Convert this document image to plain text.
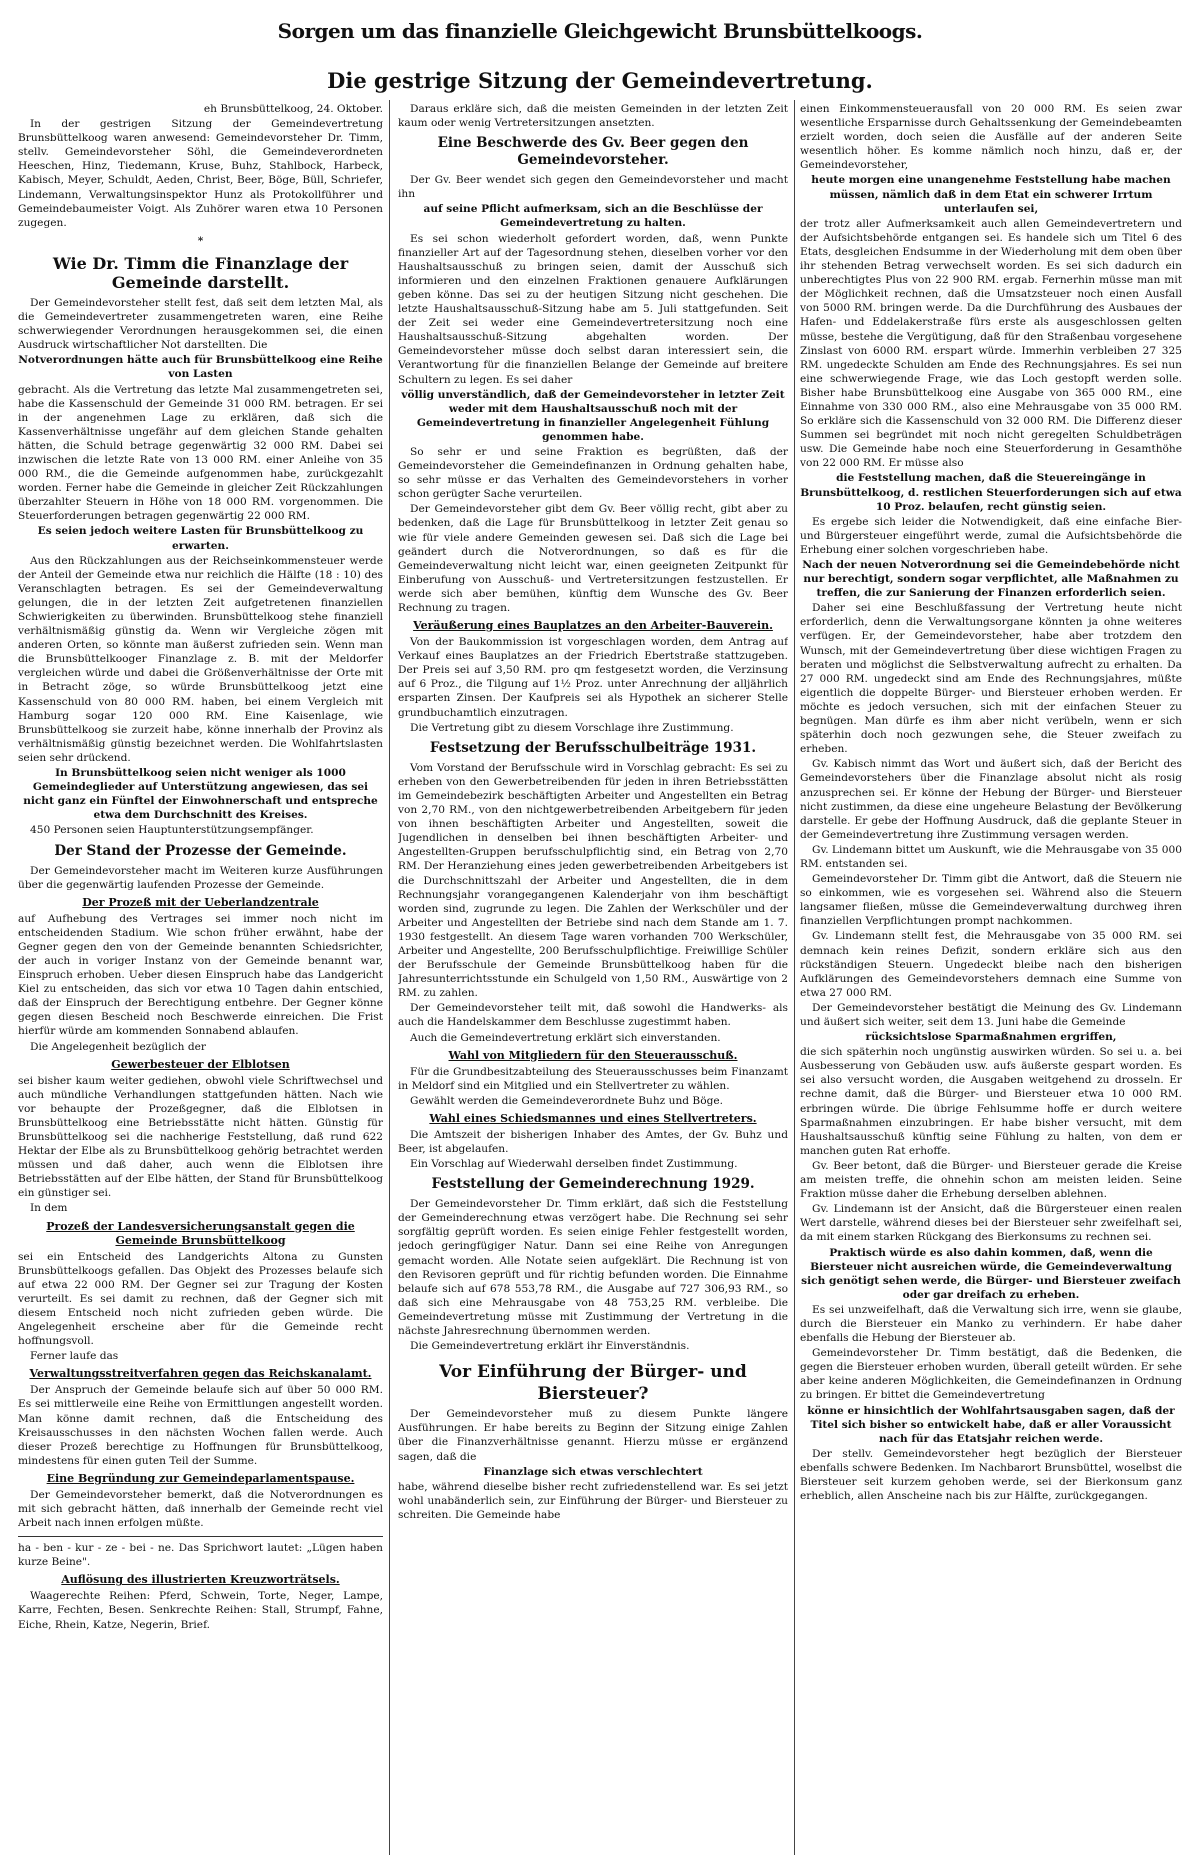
Sorgen um das finanzielle Gleichgewicht Brunsbüttelkoogs.
Die gestrige Sitzung der Gemeindevertretung.

eh Brunsbüttelkoog, 24. Oktober.

In der gestrigen Sitzung der Gemeindevertretung Brunsbüttelkoog waren anwesend: Gemeindevorsteher Dr. Timm, stellv. Gemeindevorsteher Söhl, die Gemeindeverordneten Heeschen, Hinz, Tiedemann, Kruse, Buhz, Stahlbock, Harbeck, Kabisch, Meyer, Schuldt, Aeden, Christ, Beer, Böge, Büll, Schriefer, Lindemann, Verwaltungsinspektor Hunz als Protokollführer und Gemeindebaumeister Voigt. Als Zuhörer waren etwa 10 Personen zugegen.

*
Wie Dr. Timm die Finanzlage der Gemeinde darstellt.

Der Gemeindevorsteher stellt fest, daß seit dem letzten Mal, als die Gemeindevertreter zusammengetreten waren, eine Reihe schwerwiegender Verordnungen herausgekommen sei, die einen Ausdruck wirtschaftlicher Not darstellten. Die

Notverordnungen hätte auch für Brunsbüttelkoog eine Reihe von Lasten

gebracht. Als die Vertretung das letzte Mal zusammengetreten sei, habe die Kassenschuld der Gemeinde 31 000 RM. betragen. Er sei in der angenehmen Lage zu erklären, daß sich die Kassenverhältnisse ungefähr auf dem gleichen Stande gehalten hätten, die Schuld betrage gegenwärtig 32 000 RM. Dabei sei inzwischen die letzte Rate von 13 000 RM. einer Anleihe von 35 000 RM., die die Gemeinde aufgenommen habe, zurückgezahlt worden. Ferner habe die Gemeinde in gleicher Zeit Rückzahlungen überzahlter Steuern in Höhe von 18 000 RM. vorgenommen. Die Steuerforderungen betragen gegenwärtig 22 000 RM.

Es seien jedoch weitere Lasten für Brunsbüttelkoog zu erwarten.

Aus den Rückzahlungen aus der Reichseinkommensteuer werde der Anteil der Gemeinde etwa nur reichlich die Hälfte (18 : 10) des Veranschlagten betragen. Es sei der Gemeindeverwaltung gelungen, die in der letzten Zeit aufgetretenen finanziellen Schwierigkeiten zu überwinden. Brunsbüttelkoog stehe finanziell verhältnismäßig günstig da. Wenn wir Vergleiche zögen mit anderen Orten, so könnte man äußerst zufrieden sein. Wenn man die Brunsbüttelkooger Finanzlage z. B. mit der Meldorfer vergleichen würde und dabei die Größenverhältnisse der Orte mit in Betracht zöge, so würde Brunsbüttelkoog jetzt eine Kassenschuld von 80 000 RM. haben, bei einem Vergleich mit Hamburg sogar 120 000 RM. Eine Kaisenlage, wie Brunsbüttelkoog sie zurzeit habe, könne innerhalb der Provinz als verhältnismäßig günstig bezeichnet werden. Die Wohlfahrtslasten seien sehr drückend.

In Brunsbüttelkoog seien nicht weniger als 1000 Gemeindeglieder auf Unterstützung angewiesen, das sei nicht ganz ein Fünftel der Einwohnerschaft und entspreche etwa dem Durchschnitt des Kreises.

450 Personen seien Hauptunterstützungsempfänger.

Der Stand der Prozesse der Gemeinde.

Der Gemeindevorsteher macht im Weiteren kurze Ausführungen über die gegenwärtig laufenden Prozesse der Gemeinde.

Der Prozeß mit der Ueberlandzentrale

auf Aufhebung des Vertrages sei immer noch nicht im entscheidenden Stadium. Wie schon früher erwähnt, habe der Gegner gegen den von der Gemeinde benannten Schiedsrichter, der auch in voriger Instanz von der Gemeinde benannt war, Einspruch erhoben. Ueber diesen Einspruch habe das Landgericht Kiel zu entscheiden, das sich vor etwa 10 Tagen dahin entschied, daß der Einspruch der Berechtigung entbehre. Der Gegner könne gegen diesen Bescheid noch Beschwerde einreichen. Die Frist hierfür würde am kommenden Sonnabend ablaufen.

Die Angelegenheit bezüglich der

Gewerbesteuer der Elblotsen

sei bisher kaum weiter gediehen, obwohl viele Schriftwechsel und auch mündliche Verhandlungen stattgefunden hätten. Nach wie vor behaupte der Prozeßgegner, daß die Elblotsen in Brunsbüttelkoog eine Betriebsstätte nicht hätten. Günstig für Brunsbüttelkoog sei die nachherige Feststellung, daß rund 622 Hektar der Elbe als zu Brunsbüttelkoog gehörig betrachtet werden müssen und daß daher, auch wenn die Elblotsen ihre Betriebsstätten auf der Elbe hätten, der Stand für Brunsbüttelkoog ein günstiger sei.

In dem

Prozeß der Landesversicherungsanstalt gegen die Gemeinde Brunsbüttelkoog

sei ein Entscheid des Landgerichts Altona zu Gunsten Brunsbüttelkoogs gefallen. Das Objekt des Prozesses belaufe sich auf etwa 22 000 RM. Der Gegner sei zur Tragung der Kosten verurteilt. Es sei damit zu rechnen, daß der Gegner sich mit diesem Entscheid noch nicht zufrieden geben würde. Die Angelegenheit erscheine aber für die Gemeinde recht hoffnungsvoll.

Ferner laufe das

Verwaltungsstreitverfahren gegen das Reichskanalamt.

Der Anspruch der Gemeinde belaufe sich auf über 50 000 RM. Es sei mittlerweile eine Reihe von Ermittlungen angestellt worden. Man könne damit rechnen, daß die Entscheidung des Kreisausschusses in den nächsten Wochen fallen werde. Auch dieser Prozeß berechtige zu Hoffnungen für Brunsbüttelkoog, mindestens für einen guten Teil der Summe.

Eine Begründung zur Gemeindeparlamentspause.

Der Gemeindevorsteher bemerkt, daß die Notverordnungen es mit sich gebracht hätten, daß innerhalb der Gemeinde recht viel Arbeit nach innen erfolgen müßte.

ha - ben - kur - ze - bei - ne. Das Sprichwort lautet: „Lügen haben kurze Beine".

Auflösung des illustrierten Kreuzworträtsels.

Waagerechte Reihen: Pferd, Schwein, Torte, Neger, Lampe, Karre, Fechten, Besen. Senkrechte Reihen: Stall, Strumpf, Fahne, Eiche, Rhein, Katze, Negerin, Brief.

Daraus erkläre sich, daß die meisten Gemeinden in der letzten Zeit kaum oder wenig Vertretersitzungen ansetzten.

Eine Beschwerde des Gv. Beer gegen den Gemeindevorsteher.

Der Gv. Beer wendet sich gegen den Gemeindevorsteher und macht ihn

auf seine Pflicht aufmerksam, sich an die Beschlüsse der Gemeindevertretung zu halten.

Es sei schon wiederholt gefordert worden, daß, wenn Punkte finanzieller Art auf der Tagesordnung stehen, dieselben vorher vor den Haushaltsausschuß zu bringen seien, damit der Ausschuß sich informieren und den einzelnen Fraktionen genauere Aufklärungen geben könne. Das sei zu der heutigen Sitzung nicht geschehen. Die letzte Haushaltsausschuß-Sitzung habe am 5. Juli stattgefunden. Seit der Zeit sei weder eine Gemeindevertretersitzung noch eine Haushaltsausschuß-Sitzung abgehalten worden. Der Gemeindevorsteher müsse doch selbst daran interessiert sein, die Verantwortung für die finanziellen Belange der Gemeinde auf breitere Schultern zu legen. Es sei daher

völlig unverständlich, daß der Gemeindevorsteher in letzter Zeit weder mit dem Haushaltsausschuß noch mit der Gemeindevertretung in finanzieller Angelegenheit Fühlung genommen habe.

So sehr er und seine Fraktion es begrüßten, daß der Gemeindevorsteher die Gemeindefinanzen in Ordnung gehalten habe, so sehr müsse er das Verhalten des Gemeindevorstehers in vorher schon gerügter Sache verurteilen.

Der Gemeindevorsteher gibt dem Gv. Beer völlig recht, gibt aber zu bedenken, daß die Lage für Brunsbüttelkoog in letzter Zeit genau so wie für viele andere Gemeinden gewesen sei. Daß sich die Lage bei geändert durch die Notverordnungen, so daß es für die Gemeindeverwaltung nicht leicht war, einen geeigneten Zeitpunkt für Einberufung von Ausschuß- und Vertretersitzungen festzustellen. Er werde sich aber bemühen, künftig dem Wunsche des Gv. Beer Rechnung zu tragen.

Veräußerung eines Bauplatzes an den Arbeiter-Bauverein.

Von der Baukommission ist vorgeschlagen worden, dem Antrag auf Verkauf eines Bauplatzes an der Friedrich Ebertstraße stattzugeben. Der Preis sei auf 3,50 RM. pro qm festgesetzt worden, die Verzinsung auf 6 Proz., die Tilgung auf 1½ Proz. unter Anrechnung der alljährlich ersparten Zinsen. Der Kaufpreis sei als Hypothek an sicherer Stelle grundbuchamtlich einzutragen.

Die Vertretung gibt zu diesem Vorschlage ihre Zustimmung.

Festsetzung der Berufsschulbeiträge 1931.

Vom Vorstand der Berufsschule wird in Vorschlag gebracht: Es sei zu erheben von den Gewerbetreibenden für jeden in ihren Betriebsstätten im Gemeindebezirk beschäftigten Arbeiter und Angestellten ein Betrag von 2,70 RM., von den nichtgewerbetreibenden Arbeitgebern für jeden von ihnen beschäftigten Arbeiter und Angestellten, soweit die Jugendlichen in denselben bei ihnen beschäftigten Arbeiter- und Angestellten-Gruppen berufsschulpflichtig sind, ein Betrag von 2,70 RM. Der Heranziehung eines jeden gewerbetreibenden Arbeitgebers ist die Durchschnittszahl der Arbeiter und Angestellten, die in dem Rechnungsjahr vorangegangenen Kalenderjahr von ihm beschäftigt worden sind, zugrunde zu legen. Die Zahlen der Werkschüler und der Arbeiter und Angestellten der Betriebe sind nach dem Stande am 1. 7. 1930 festgestellt. An diesem Tage waren vorhanden 700 Werkschüler, Arbeiter und Angestellte, 200 Berufsschulpflichtige. Freiwillige Schüler der Berufsschule der Gemeinde Brunsbüttelkoog haben für die Jahresunterrichtsstunde ein Schulgeld von 1,50 RM., Auswärtige von 2 RM. zu zahlen.

Der Gemeindevorsteher teilt mit, daß sowohl die Handwerks- als auch die Handelskammer dem Beschlusse zugestimmt haben.

Auch die Gemeindevertretung erklärt sich einverstanden.

Wahl von Mitgliedern für den Steuerausschuß.

Für die Grundbesitzabteilung des Steuerausschusses beim Finanzamt in Meldorf sind ein Mitglied und ein Stellvertreter zu wählen.

Gewählt werden die Gemeindeverordnete Buhz und Böge.

Wahl eines Schiedsmannes und eines Stellvertreters.

Die Amtszeit der bisherigen Inhaber des Amtes, der Gv. Buhz und Beer, ist abgelaufen.

Ein Vorschlag auf Wiederwahl derselben findet Zustimmung.

Feststellung der Gemeinderechnung 1929.

Der Gemeindevorsteher Dr. Timm erklärt, daß sich die Feststellung der Gemeinderechnung etwas verzögert habe. Die Rechnung sei sehr sorgfältig geprüft worden. Es seien einige Fehler festgestellt worden, jedoch geringfügiger Natur. Dann sei eine Reihe von Anregungen gemacht worden. Alle Notate seien aufgeklärt. Die Rechnung ist von den Revisoren geprüft und für richtig befunden worden. Die Einnahme belaufe sich auf 678 553,78 RM., die Ausgabe auf 727 306,93 RM., so daß sich eine Mehrausgabe von 48 753,25 RM. verbleibe. Die Gemeindevertretung müsse mit Zustimmung der Vertretung in die nächste Jahresrechnung übernommen werden.

Die Gemeindevertretung erklärt ihr Einverständnis.

Vor Einführung der Bürger- und Biersteuer?

Der Gemeindevorsteher muß zu diesem Punkte längere Ausführungen. Er habe bereits zu Beginn der Sitzung einige Zahlen über die Finanzverhältnisse genannt. Hierzu müsse er ergänzend sagen, daß die

Finanzlage sich etwas verschlechtert

habe, während dieselbe bisher recht zufriedenstellend war. Es sei jetzt wohl unabänderlich sein, zur Einführung der Bürger- und Biersteuer zu schreiten. Die Gemeinde habe

einen Einkommensteuerausfall von 20 000 RM. Es seien zwar wesentliche Ersparnisse durch Gehaltssenkung der Gemeindebeamten erzielt worden, doch seien die Ausfälle auf der anderen Seite wesentlich höher. Es komme nämlich noch hinzu, daß er, der Gemeindevorsteher,

heute morgen eine unangenehme Feststellung habe machen müssen, nämlich daß in dem Etat ein schwerer Irrtum unterlaufen sei,

der trotz aller Aufmerksamkeit auch allen Gemeindevertretern und der Aufsichtsbehörde entgangen sei. Es handele sich um Titel 6 des Etats, desgleichen Endsumme in der Wiederholung mit dem oben über ihr stehenden Betrag verwechselt worden. Es sei sich dadurch ein unberechtigtes Plus von 22 900 RM. ergab. Fernerhin müsse man mit der Möglichkeit rechnen, daß die Umsatzsteuer noch einen Ausfall von 5000 RM. bringen werde. Da die Durchführung des Ausbaues der Hafen- und Eddelakerstraße fürs erste als ausgeschlossen gelten müsse, bestehe die Vergütigung, daß für den Straßenbau vorgesehene Zinslast von 6000 RM. erspart würde. Immerhin verbleiben 27 325 RM. ungedeckte Schulden am Ende des Rechnungsjahres. Es sei nun eine schwerwiegende Frage, wie das Loch gestopft werden solle. Bisher habe Brunsbüttelkoog eine Ausgabe von 365 000 RM., eine Einnahme von 330 000 RM., also eine Mehrausgabe von 35 000 RM. So erkläre sich die Kassenschuld von 32 000 RM. Die Differenz dieser Summen sei begründet mit noch nicht geregelten Schuldbeträgen usw. Die Gemeinde habe noch eine Steuerforderung in Gesamthöhe von 22 000 RM. Er müsse also

die Feststellung machen, daß die Steuereingänge in Brunsbüttelkoog, d. restlichen Steuerforderungen sich auf etwa 10 Proz. belaufen, recht günstig seien.

Es ergebe sich leider die Notwendigkeit, daß eine einfache Bier- und Bürgersteuer eingeführt werde, zumal die Aufsichtsbehörde die Erhebung einer solchen vorgeschrieben habe.

Nach der neuen Notverordnung sei die Gemeindebehörde nicht nur berechtigt, sondern sogar verpflichtet, alle Maßnahmen zu treffen, die zur Sanierung der Finanzen erforderlich seien.

Daher sei eine Beschlußfassung der Vertretung heute nicht erforderlich, denn die Verwaltungsorgane könnten ja ohne weiteres verfügen. Er, der Gemeindevorsteher, habe aber trotzdem den Wunsch, mit der Gemeindevertretung über diese wichtigen Fragen zu beraten und möglichst die Selbstverwaltung aufrecht zu erhalten. Da 27 000 RM. ungedeckt sind am Ende des Rechnungsjahres, müßte eigentlich die doppelte Bürger- und Biersteuer erhoben werden. Er möchte es jedoch versuchen, sich mit der einfachen Steuer zu begnügen. Man dürfe es ihm aber nicht verübeln, wenn er sich späterhin doch noch gezwungen sehe, die Steuer zweifach zu erheben.

Gv. Kabisch nimmt das Wort und äußert sich, daß der Bericht des Gemeindevorstehers über die Finanzlage absolut nicht als rosig anzusprechen sei. Er könne der Hebung der Bürger- und Biersteuer nicht zustimmen, da diese eine ungeheure Belastung der Bevölkerung darstelle. Er gebe der Hoffnung Ausdruck, daß die geplante Steuer in der Gemeindevertretung ihre Zustimmung versagen werden.

Gv. Lindemann bittet um Auskunft, wie die Mehrausgabe von 35 000 RM. entstanden sei.

Gemeindevorsteher Dr. Timm gibt die Antwort, daß die Steuern nie so einkommen, wie es vorgesehen sei. Während also die Steuern langsamer fließen, müsse die Gemeindeverwaltung durchweg ihren finanziellen Verpflichtungen prompt nachkommen.

Gv. Lindemann stellt fest, die Mehrausgabe von 35 000 RM. sei demnach kein reines Defizit, sondern erkläre sich aus den rückständigen Steuern. Ungedeckt bleibe nach den bisherigen Aufklärungen des Gemeindevorstehers demnach eine Summe von etwa 27 000 RM.

Der Gemeindevorsteher bestätigt die Meinung des Gv. Lindemann und äußert sich weiter, seit dem 13. Juni habe die Gemeinde

rücksichtslose Sparmaßnahmen ergriffen,

die sich späterhin noch ungünstig auswirken würden. So sei u. a. bei Ausbesserung von Gebäuden usw. aufs äußerste gespart worden. Es sei also versucht worden, die Ausgaben weitgehend zu drosseln. Er rechne damit, daß die Bürger- und Biersteuer etwa 10 000 RM. erbringen würde. Die übrige Fehlsumme hoffe er durch weitere Sparmaßnahmen einzubringen. Er habe bisher versucht, mit dem Haushaltsausschuß künftig seine Fühlung zu halten, von dem er manchen guten Rat erhoffe.

Gv. Beer betont, daß die Bürger- und Biersteuer gerade die Kreise am meisten treffe, die ohnehin schon am meisten leiden. Seine Fraktion müsse daher die Erhebung derselben ablehnen.

Gv. Lindemann ist der Ansicht, daß die Bürgersteuer einen realen Wert darstelle, während dieses bei der Biersteuer sehr zweifelhaft sei, da mit einem starken Rückgang des Bierkonsums zu rechnen sei.

Praktisch würde es also dahin kommen, daß, wenn die Biersteuer nicht ausreichen würde, die Gemeindeverwaltung sich genötigt sehen werde, die Bürger- und Biersteuer zweifach oder gar dreifach zu erheben.

Es sei unzweifelhaft, daß die Verwaltung sich irre, wenn sie glaube, durch die Biersteuer ein Manko zu verhindern. Er habe daher ebenfalls die Hebung der Biersteuer ab.

Gemeindevorsteher Dr. Timm bestätigt, daß die Bedenken, die gegen die Biersteuer erhoben wurden, überall geteilt würden. Er sehe aber keine anderen Möglichkeiten, die Gemeindefinanzen in Ordnung zu bringen. Er bittet die Gemeindevertretung

könne er hinsichtlich der Wohlfahrtsausgaben sagen, daß der Titel sich bisher so entwickelt habe, daß er aller Voraussicht nach für das Etatsjahr reichen werde.

Der stellv. Gemeindevorsteher hegt bezüglich der Biersteuer ebenfalls schwere Bedenken. Im Nachbarort Brunsbüttel, woselbst die Biersteuer seit kurzem gehoben werde, sei der Bierkonsum ganz erheblich, allen Anscheine nach bis zur Hälfte, zurückgegangen.
